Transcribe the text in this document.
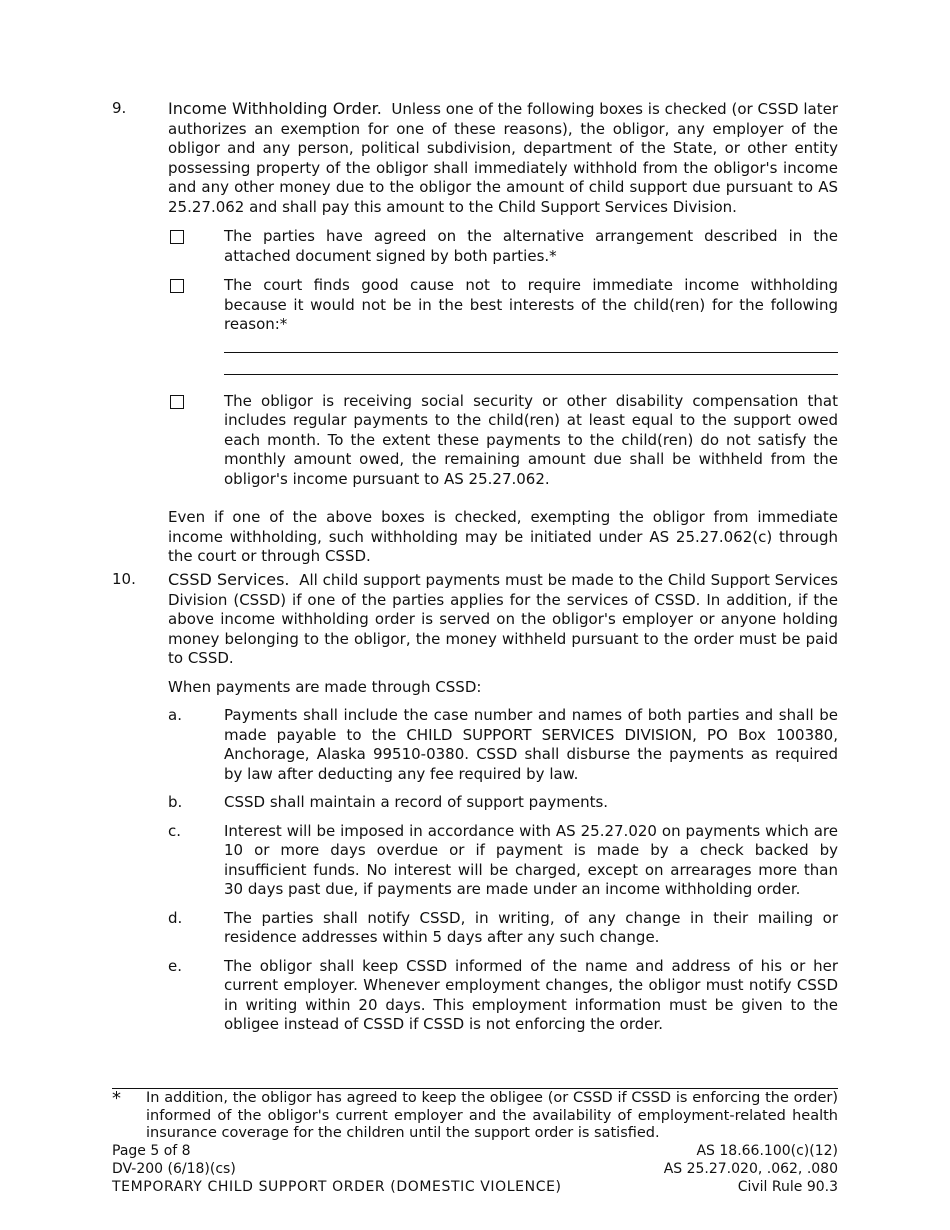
9.	Income Withholding Order. Unless one of the following boxes is checked (or CSSD later authorizes an exemption for one of these reasons), the obligor, any employer of the obligor and any person, political subdivision, department of the State, or other entity possessing property of the obligor shall immediately withhold from the obligor's income and any other money due to the obligor the amount of child support due pursuant to AS 25.27.062 and shall pay this amount to the Child Support Services Division.

The parties have agreed on the alternative arrangement described in the attached document signed by both parties.*
The court finds good cause not to require immediate income withholding because it would not be in the best interests of the child(ren) for the following reason:*
The obligor is receiving social security or other disability compensation that includes regular payments to the child(ren) at least equal to the support owed each month. To the extent these payments to the child(ren) do not satisfy the monthly amount owed, the remaining amount due shall be withheld from the obligor's income pursuant to AS 25.27.062.
Even if one of the above boxes is checked, exempting the obligor from immediate income withholding, such withholding may be initiated under AS 25.27.062(c) through the court or through CSSD.
10. CSSD Services. All child support payments must be made to the Child Support Services Division (CSSD) if one of the parties applies for the services of CSSD. In addition, if the above income withholding order is served on the obligor's employer or anyone holding money belonging to the obligor, the money withheld pursuant to the order must be paid to CSSD.

When payments are made through CSSD:
a.	Payments shall include the case number and names of both parties and shall be made payable to the CHILD SUPPORT SERVICES DIVISION, PO Box 100380, Anchorage, Alaska 99510-0380. CSSD shall disburse the payments as required by law after deducting any fee required by law.
b.	CSSD shall maintain a record of support payments.
c.	Interest will be imposed in accordance with AS 25.27.020 on payments which are 10 or more days overdue or if payment is made by a check backed by insufficient funds. No interest will be charged, except on arrearages more than 30 days past due, if payments are made under an income withholding order.
d.	The parties shall notify CSSD, in writing, of any change in their mailing or residence addresses within 5 days after any such change.
e.	The obligor shall keep CSSD informed of the name and address of his or her current employer. Whenever employment changes, the obligor must notify CSSD in writing within 20 days. This employment information must be given to the obligee instead of CSSD if CSSD is not enforcing the order.
* In addition, the obligor has agreed to keep the obligee (or CSSD if CSSD is enforcing the order) informed of the obligor's current employer and the availability of employment-related health insurance coverage for the children until the support order is satisfied.
Page 5 of 8	AS 18.66.100(c)(12)
DV-200 (6/18)(cs)	AS 25.27.020, .062, .080
TEMPORARY CHILD SUPPORT ORDER (DOMESTIC VIOLENCE)	Civil Rule 90.3
